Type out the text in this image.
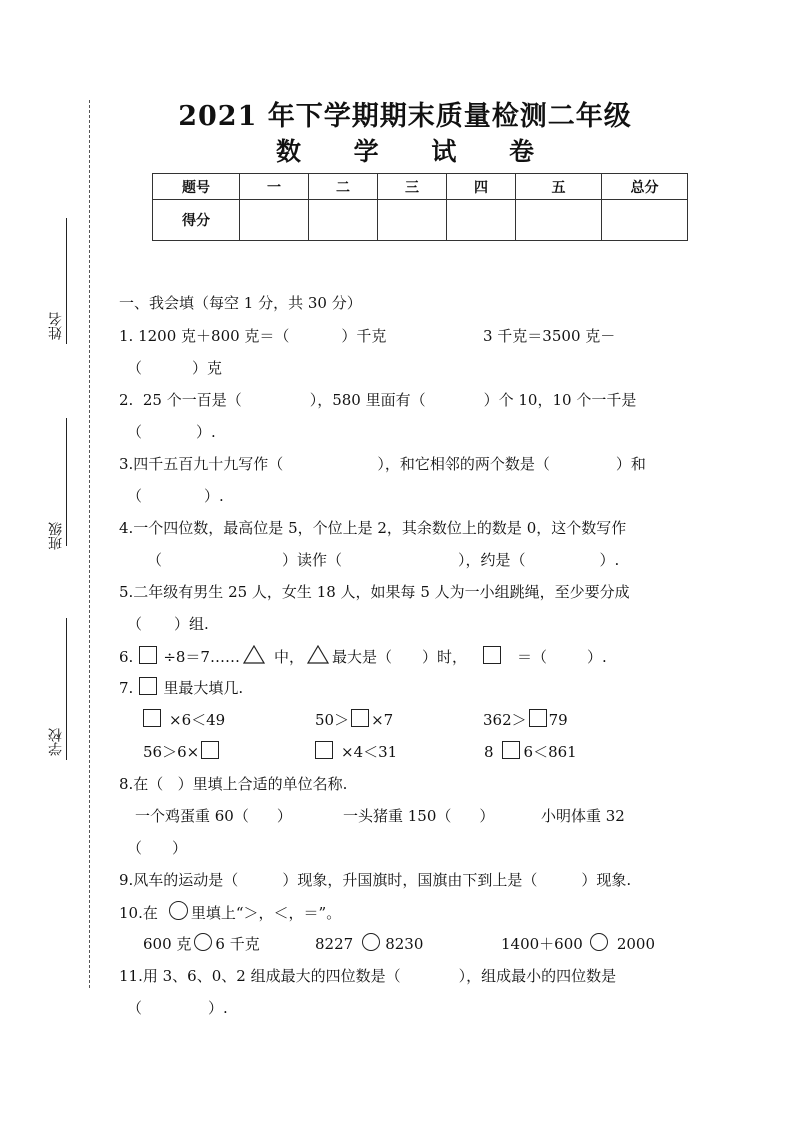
姓名
班级
学校
2021 年下学期期末质量检测二年级
数 学 试 卷
题号	一	二	三	四	五	总分
得分						
一、我会填（每空 1 分，共 30 分）
1. 1200 克＋800 克＝（	）千克	3 千克＝3500 克－
（	）克
2.  25 个一百是（	），580 里面有（	）个 10，10 个一千是
（	）.
3.四千五百九十九写作（	），和它相邻的两个数是（	）和
（	）.
4.一个四位数，最高位是 5，个位上是 2，其余数位上的数是 0，这个数写作
（	）读作（	），约是（	）.
5.二年级有男生 25 人，女生 18 人，如果每 5 人为一小组跳绳，至少要分成
（ ）组.
6. ÷8＝7…… 中， 最大是（ ）时，	＝（	）.
7. 里最大填几.
×6＜49	50＞ ×7	362＞ 79
56＞6×	×4＜31	8 6＜861
8.在（   ）里填上合适的单位名称.
一个鸡蛋重 60（ ）	一头猪重 150（ ）	小明体重 32
（ ）
9.风车的运动是（	）现象，升国旗时，国旗由下到上是（	）现象.
10.在 里填上“＞，＜，＝”。
600 克 6 千克	8227 8230	1400＋600 2000
11.用 3、6、0、2 组成最大的四位数是（	），组成最小的四位数是
（	）.
